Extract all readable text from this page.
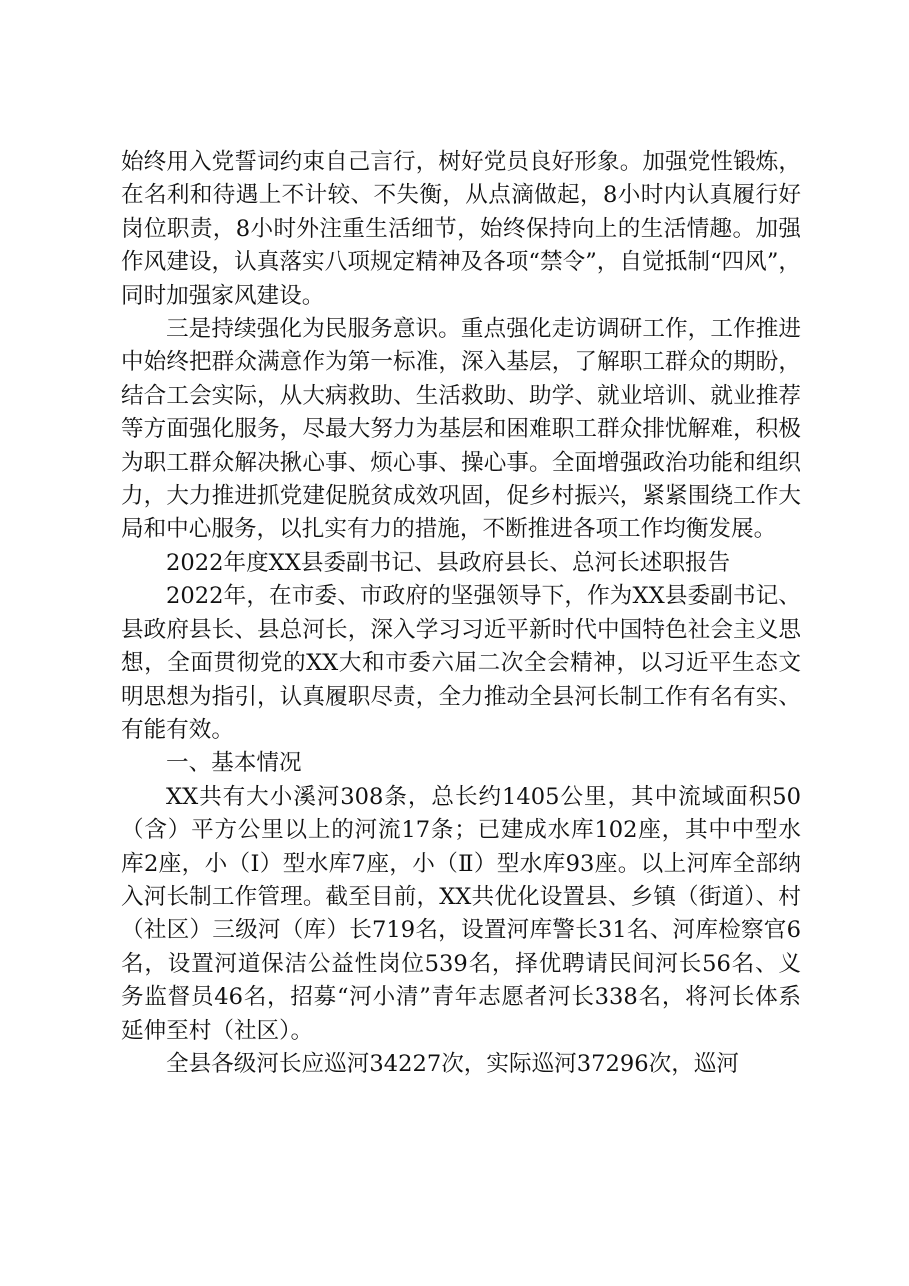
始终用入党誓词约束自己言行，树好党员良好形象。加强党性锻炼，在名利和待遇上不计较、不失衡，从点滴做起，8小时内认真履行好岗位职责，8小时外注重生活细节，始终保持向上的生活情趣。加强作风建设，认真落实八项规定精神及各项“禁令”，自觉抵制“四风”，同时加强家风建设。

三是持续强化为民服务意识。重点强化走访调研工作，工作推进中始终把群众满意作为第一标准，深入基层，了解职工群众的期盼，结合工会实际，从大病救助、生活救助、助学、就业培训、就业推荐等方面强化服务，尽最大努力为基层和困难职工群众排忧解难，积极为职工群众解决揪心事、烦心事、操心事。全面增强政治功能和组织力，大力推进抓党建促脱贫成效巩固，促乡村振兴，紧紧围绕工作大局和中心服务，以扎实有力的措施，不断推进各项工作均衡发展。

2022年度XX县委副书记、县政府县长、总河长述职报告

2022年，在市委、市政府的坚强领导下，作为XX县委副书记、县政府县长、县总河长，深入学习习近平新时代中国特色社会主义思想，全面贯彻党的XX大和市委六届二次全会精神，以习近平生态文明思想为指引，认真履职尽责，全力推动全县河长制工作有名有实、有能有效。

一、基本情况

XX共有大小溪河308条，总长约1405公里，其中流域面积50（含）平方公里以上的河流17条；已建成水库102座，其中中型水库2座，小（Ⅰ）型水库7座，小（Ⅱ）型水库93座。以上河库全部纳入河长制工作管理。截至目前，XX共优化设置县、乡镇（街道）、村（社区）三级河（库）长719名，设置河库警长31名、河库检察官6名，设置河道保洁公益性岗位539名，择优聘请民间河长56名、义务监督员46名，招募“河小清”青年志愿者河长338名，将河长体系延伸至村（社区）。

全县各级河长应巡河34227次，实际巡河37296次，巡河
